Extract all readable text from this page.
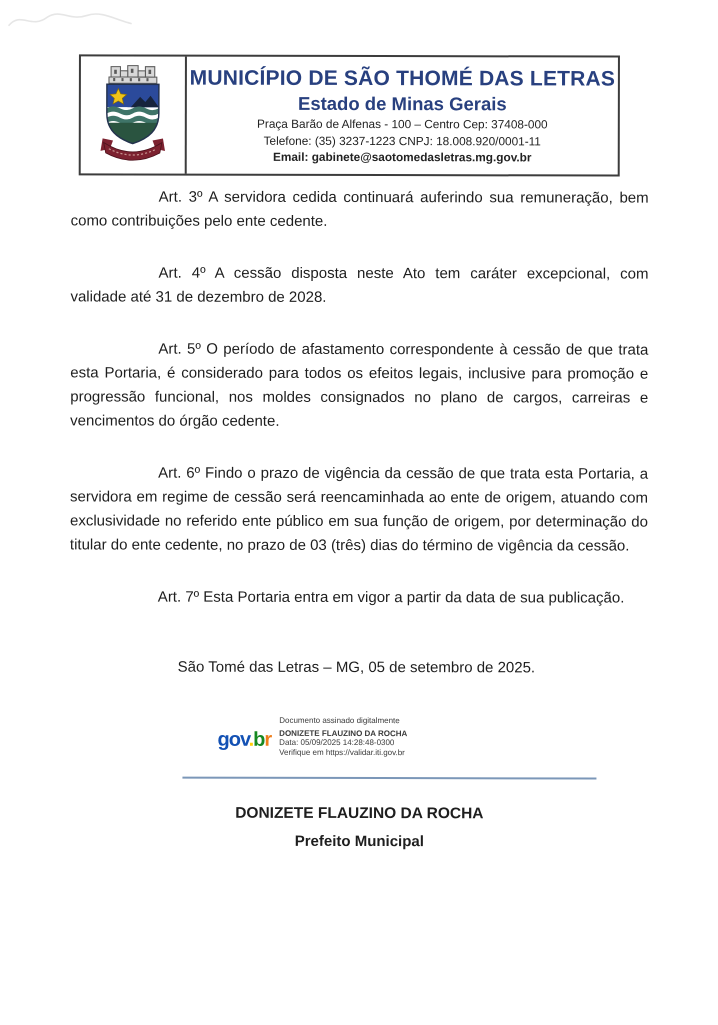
MUNICÍPIO DE SÃO THOMÉ DAS LETRAS
Estado de Minas Gerais
Praça Barão de Alfenas - 100 – Centro Cep: 37408-000
Telefone: (35) 3237-1223 CNPJ: 18.008.920/0001-11
Email: gabinete@saotomedasletras.mg.gov.br

Art. 3º A servidora cedida continuará auferindo sua remuneração, bem como contribuições pelo ente cedente.

Art. 4º A cessão disposta neste Ato tem caráter excepcional, com validade até 31 de dezembro de 2028.

Art. 5º O período de afastamento correspondente à cessão de que trata esta Portaria, é considerado para todos os efeitos legais, inclusive para promoção e progressão funcional, nos moldes consignados no plano de cargos, carreiras e vencimentos do órgão cedente.

Art. 6º Findo o prazo de vigência da cessão de que trata esta Portaria, a servidora em regime de cessão será reencaminhada ao ente de origem, atuando com exclusividade no referido ente público em sua função de origem, por determinação do titular do ente cedente, no prazo de 03 (três) dias do término de vigência da cessão.

Art. 7º Esta Portaria entra em vigor a partir da data de sua publicação.

São Tomé das Letras – MG, 05 de setembro de 2025.

gov.br
Documento assinado digitalmente
DONIZETE FLAUZINO DA ROCHA
Data: 05/09/2025 14:28:48-0300
Verifique em https://validar.iti.gov.br
DONIZETE FLAUZINO DA ROCHA
Prefeito Municipal
